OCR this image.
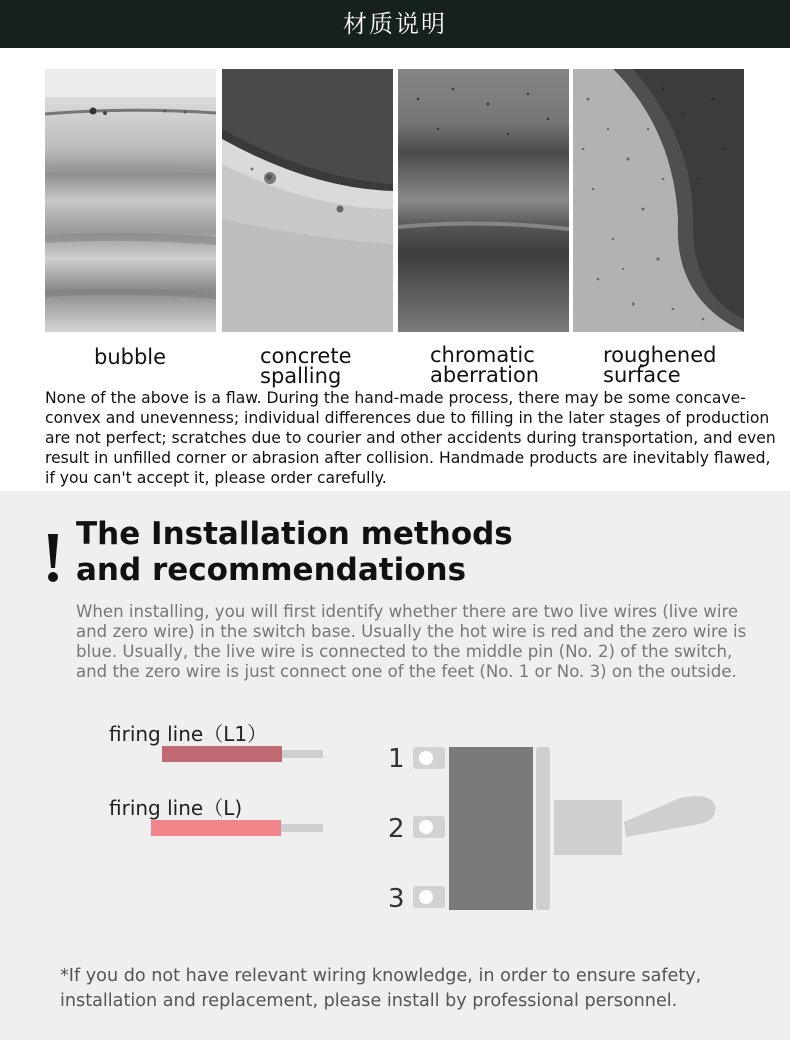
材质说明
bubble	concrete
spalling
chromatic
aberration
roughened
surface
None of the above is a flaw. During the hand-made process, there may be some concave-convex and unevenness; individual differences due to filling in the later stages of production are not perfect; scratches due to courier and other accidents during transportation, and even result in unfilled corner or abrasion after collision. Handmade products are inevitably flawed, if you can't accept it, please order carefully.
The Installation methods
and recommendations
When installing, you will first identify whether there are two live wires (live wire and zero wire) in the switch base. Usually the hot wire is red and the zero wire is blue. Usually, the live wire is connected to the middle pin (No. 2) of the switch, and the zero wire is just connect one of the feet (No. 1 or No. 3) on the outside.
firing line（L1）
firing line（L)
1
2
3
*If you do not have relevant wiring knowledge, in order to ensure safety, installation and replacement, please install by professional personnel.
